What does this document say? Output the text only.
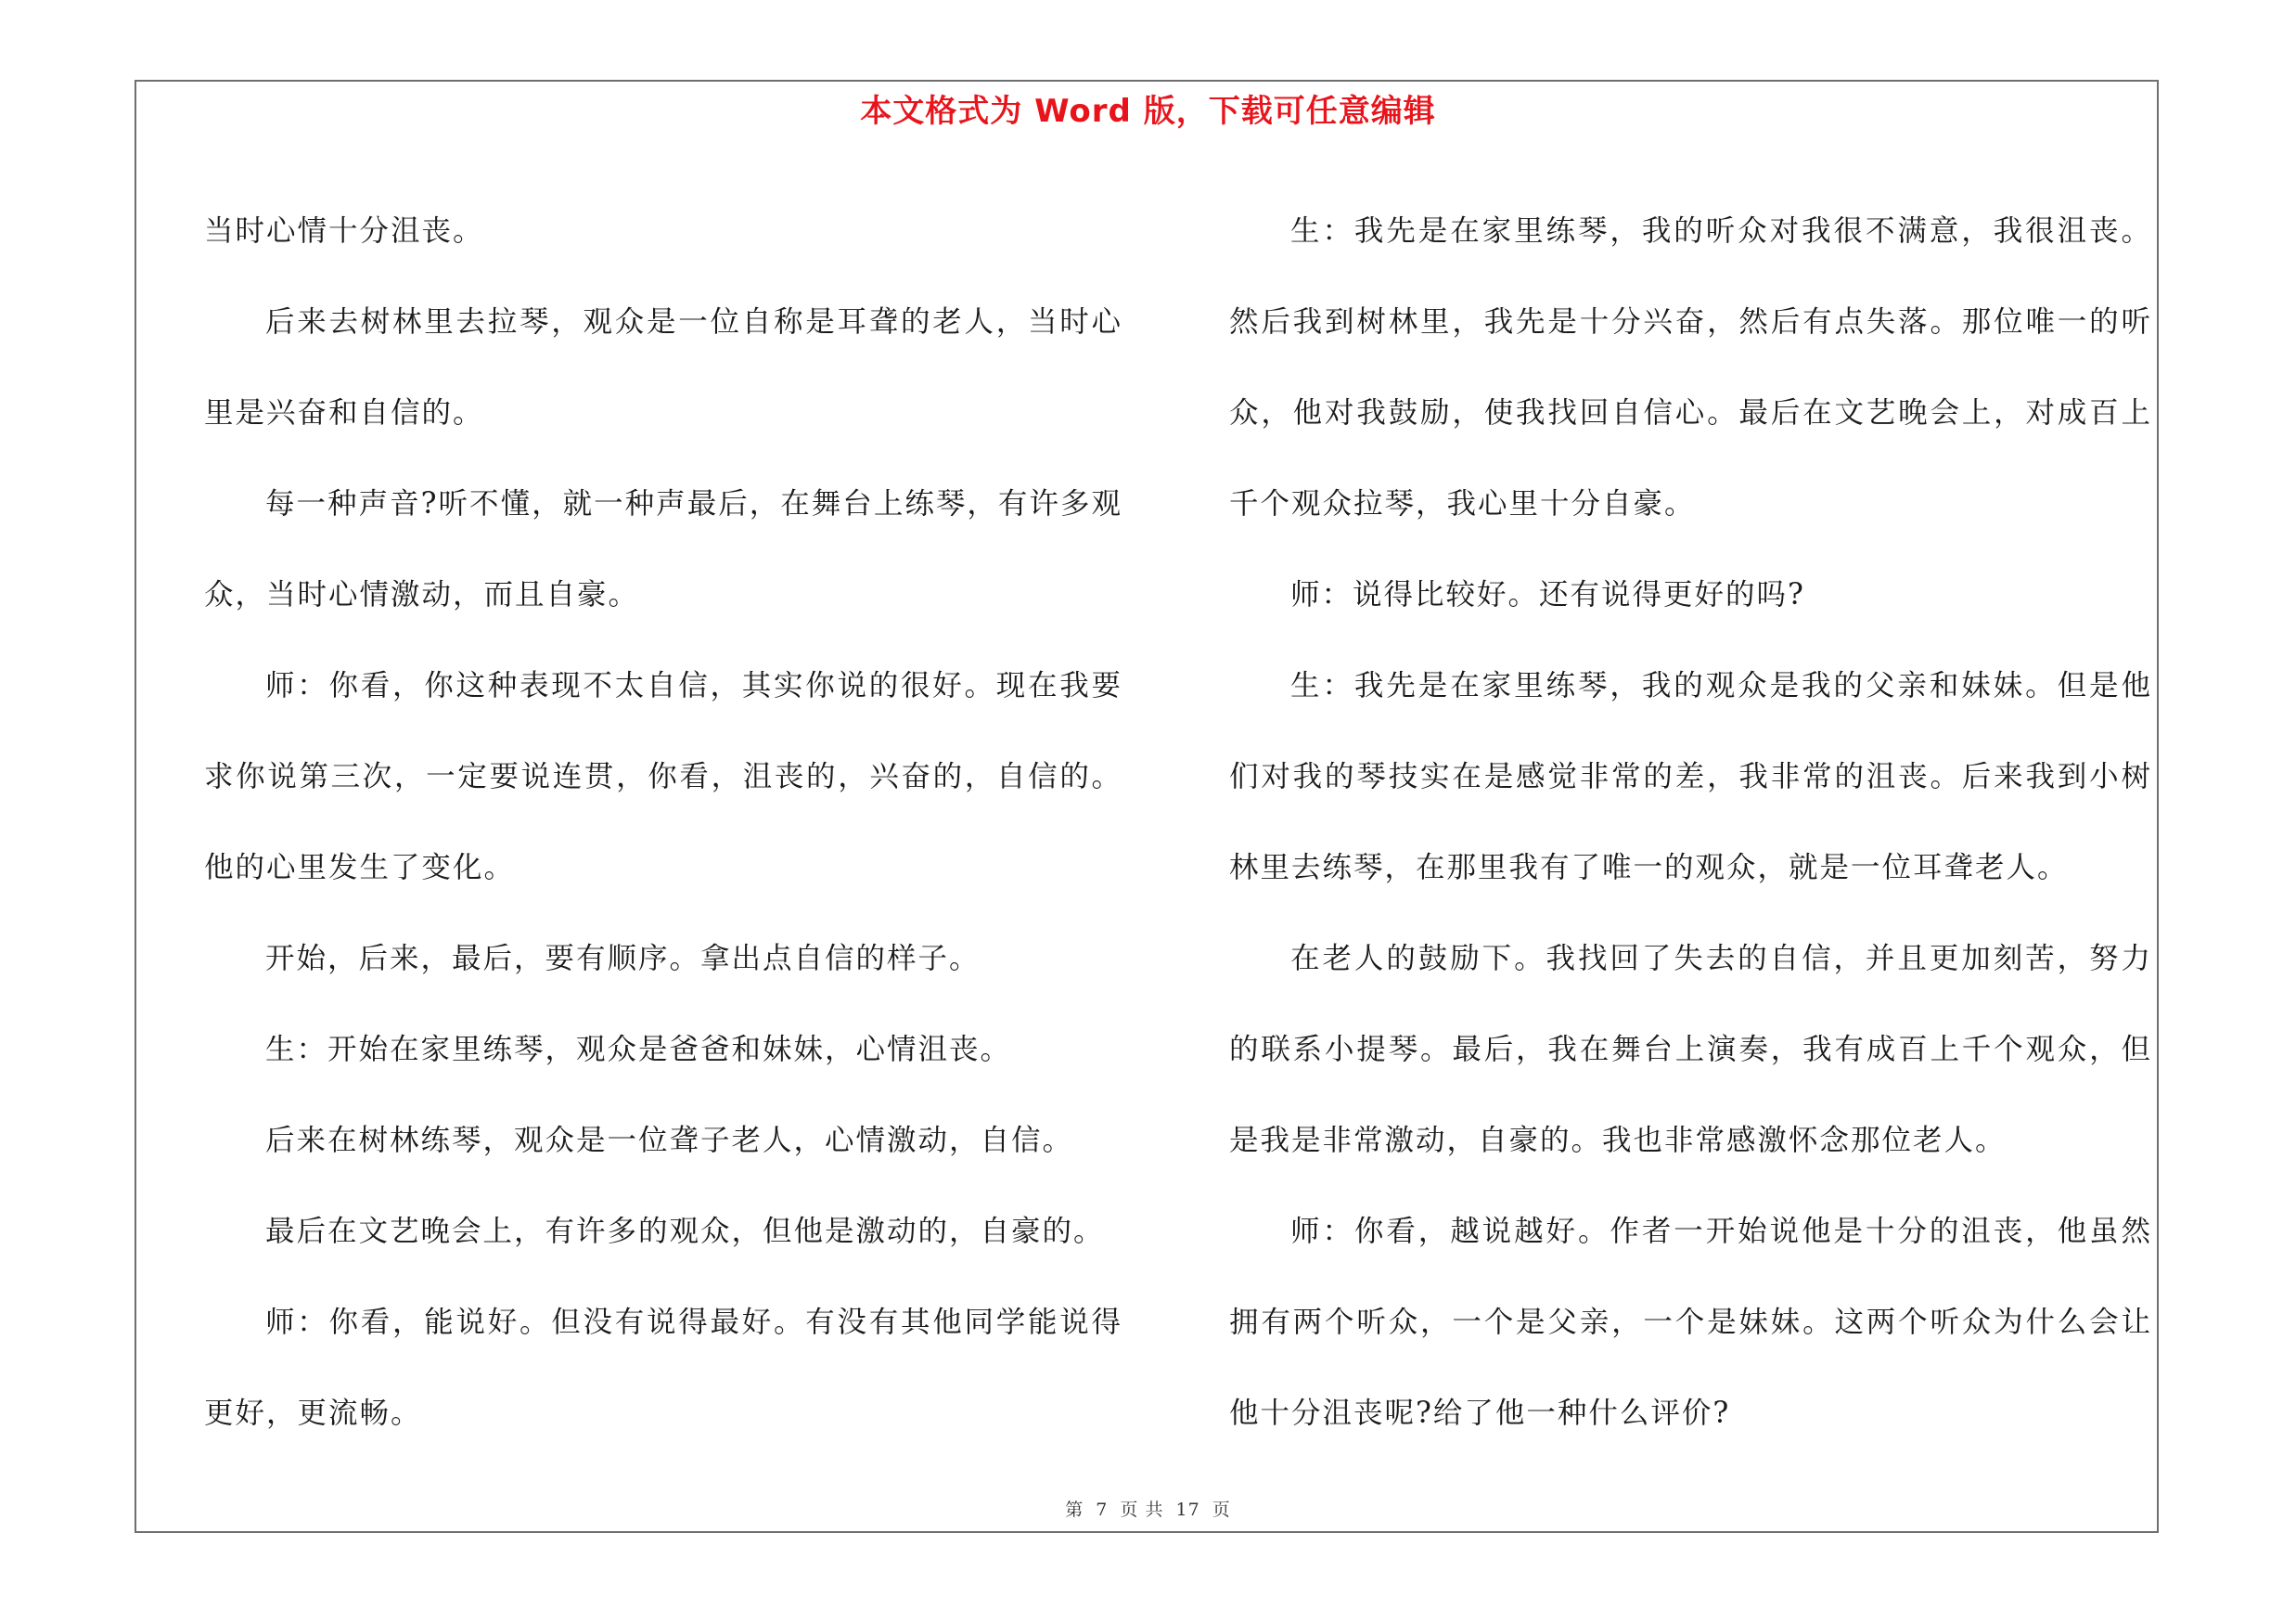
本文格式为 Word 版，下载可任意编辑

当时心情十分沮丧。

后来去树林里去拉琴，观众是一位自称是耳聋的老人，当时心里是兴奋和自信的。

每一种声音?听不懂，就一种声最后，在舞台上练琴，有许多观众，当时心情激动，而且自豪。

师：你看，你这种表现不太自信，其实你说的很好。现在我要求你说第三次，一定要说连贯，你看，沮丧的，兴奋的，自信的。他的心里发生了变化。

开始，后来，最后，要有顺序。拿出点自信的样子。

生：开始在家里练琴，观众是爸爸和妹妹，心情沮丧。

后来在树林练琴，观众是一位聋子老人，心情激动，自信。

最后在文艺晚会上，有许多的观众，但他是激动的，自豪的。

师：你看，能说好。但没有说得最好。有没有其他同学能说得更好，更流畅。

生：我先是在家里练琴，我的听众对我很不满意，我很沮丧。然后我到树林里，我先是十分兴奋，然后有点失落。那位唯一的听众，他对我鼓励，使我找回自信心。最后在文艺晚会上，对成百上千个观众拉琴，我心里十分自豪。

师：说得比较好。还有说得更好的吗?

生：我先是在家里练琴，我的观众是我的父亲和妹妹。但是他们对我的琴技实在是感觉非常的差，我非常的沮丧。后来我到小树林里去练琴，在那里我有了唯一的观众，就是一位耳聋老人。

在老人的鼓励下。我找回了失去的自信，并且更加刻苦，努力的联系小提琴。最后，我在舞台上演奏，我有成百上千个观众，但是我是非常激动，自豪的。我也非常感激怀念那位老人。

师：你看，越说越好。作者一开始说他是十分的沮丧，他虽然拥有两个听众，一个是父亲，一个是妹妹。这两个听众为什么会让他十分沮丧呢?给了他一种什么评价?

第 7 页 共 17 页
